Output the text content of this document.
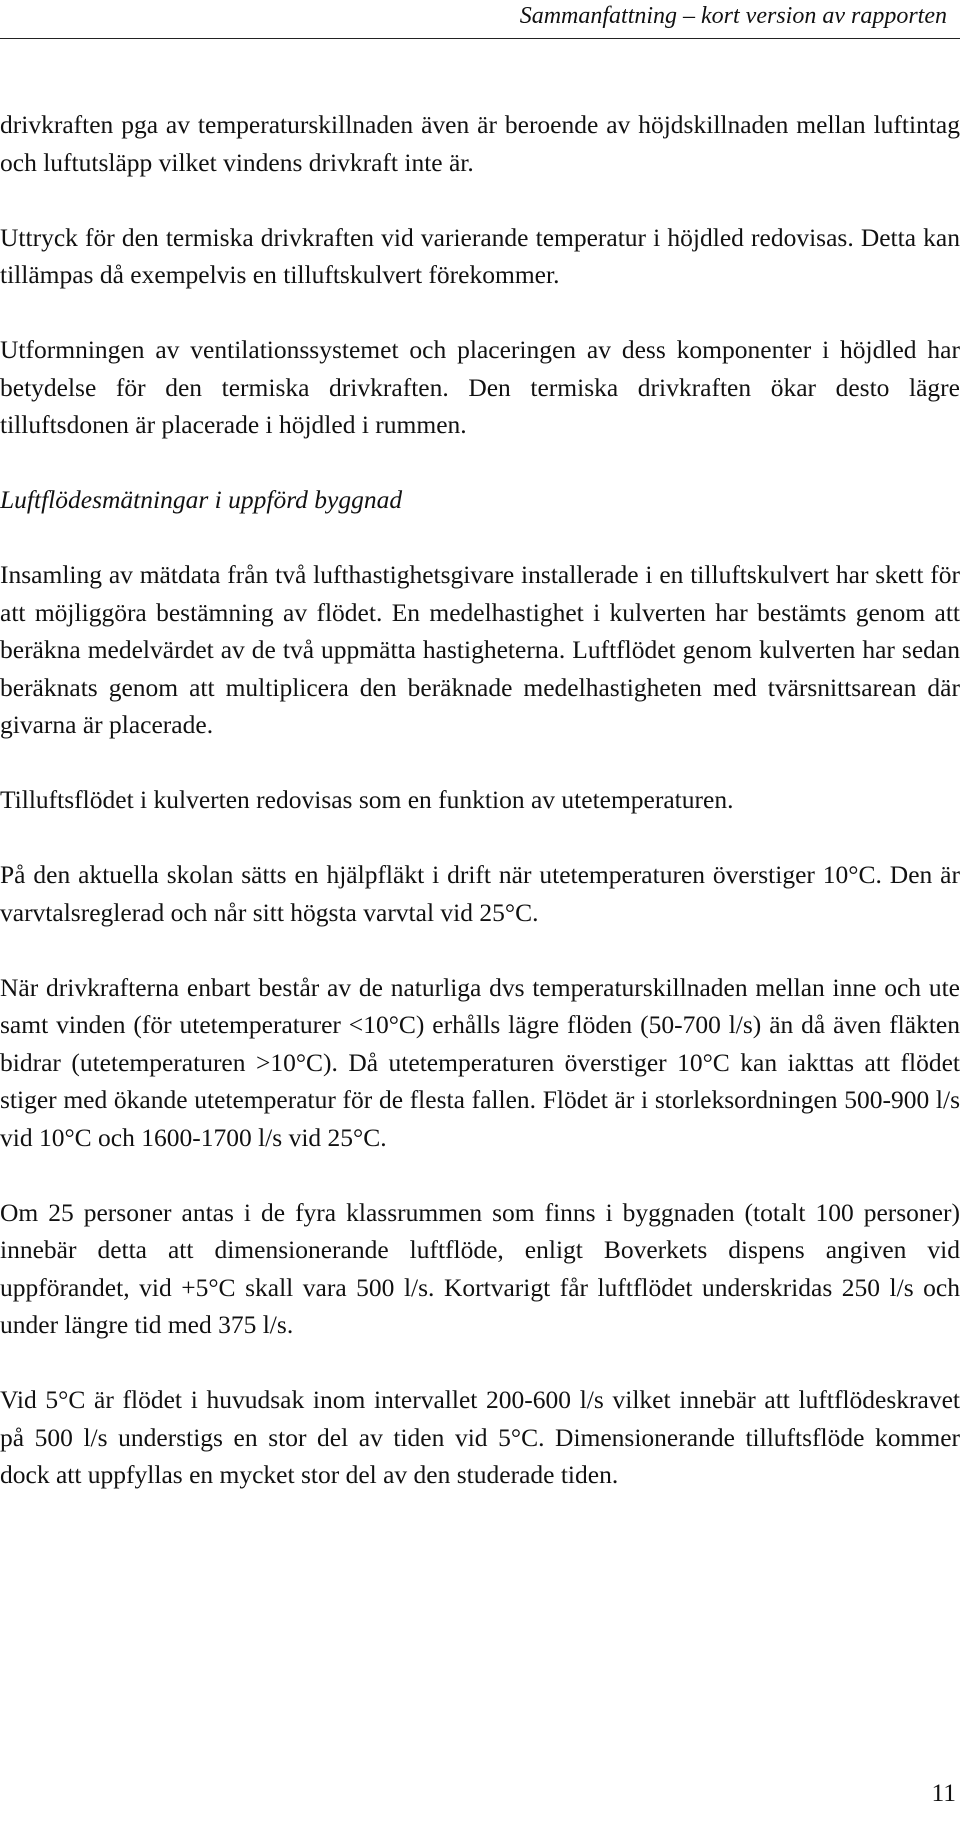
Sammanfattning – kort version av rapporten

drivkraften pga av temperaturskillnaden även är beroende av höjdskillnaden mellan luftintag och luftutsläpp vilket vindens drivkraft inte är.

Uttryck för den termiska drivkraften vid varierande temperatur i höjdled redovisas. Detta kan tillämpas då exempelvis en tilluftskulvert förekommer.

Utformningen av ventilationssystemet och placeringen av dess komponenter i höjdled har betydelse för den termiska drivkraften. Den termiska drivkraften ökar desto lägre tilluftsdonen är placerade i höjdled i rummen.

Luftflödesmätningar i uppförd byggnad

Insamling av mätdata från två lufthastighetsgivare installerade i en tilluftskulvert har skett för att möjliggöra bestämning av flödet. En medelhastighet i kulverten har bestämts genom att beräkna medelvärdet av de två uppmätta hastigheterna. Luftflödet genom kulverten har sedan beräknats genom att multiplicera den beräknade medelhastigheten med tvärsnittsarean där givarna är placerade.

Tilluftsflödet i kulverten redovisas som en funktion av utetemperaturen.

På den aktuella skolan sätts en hjälpfläkt i drift när utetemperaturen överstiger 10°C. Den är varvtalsreglerad och når sitt högsta varvtal vid 25°C.

När drivkrafterna enbart består av de naturliga dvs temperaturskillnaden mellan inne och ute samt vinden (för utetemperaturer <10°C) erhålls lägre flöden (50-700 l/s) än då även fläkten bidrar (utetemperaturen >10°C). Då utetemperaturen överstiger 10°C kan iakttas att flödet stiger med ökande utetemperatur för de flesta fallen. Flödet är i storleksordningen 500-900 l/s vid 10°C och 1600-1700 l/s vid 25°C.

Om 25 personer antas i de fyra klassrummen som finns i byggnaden (totalt 100 personer) innebär detta att dimensionerande luftflöde, enligt Boverkets dispens angiven vid uppförandet, vid +5°C skall vara 500 l/s. Kortvarigt får luftflödet underskridas 250 l/s och under längre tid med 375 l/s.

Vid 5°C är flödet i huvudsak inom intervallet 200-600 l/s vilket innebär att luftflödeskravet på 500 l/s understigs en stor del av tiden vid 5°C. Dimensionerande tilluftsflöde kommer dock att uppfyllas en mycket stor del av den studerade tiden.

11
